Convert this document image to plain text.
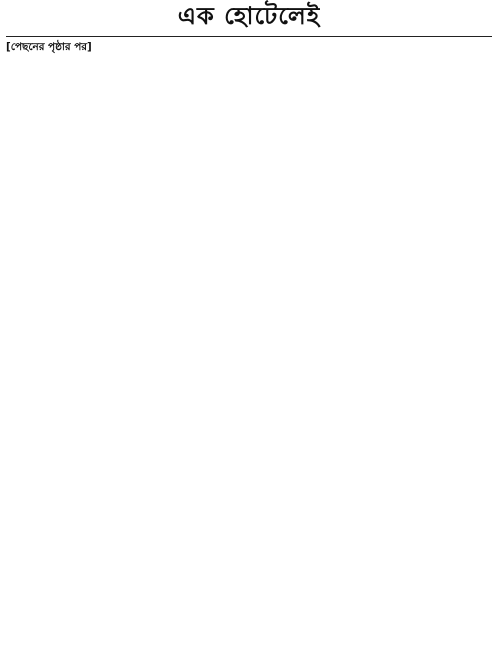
এক হোটেলেই

[পেছনের পৃষ্ঠার পর]
